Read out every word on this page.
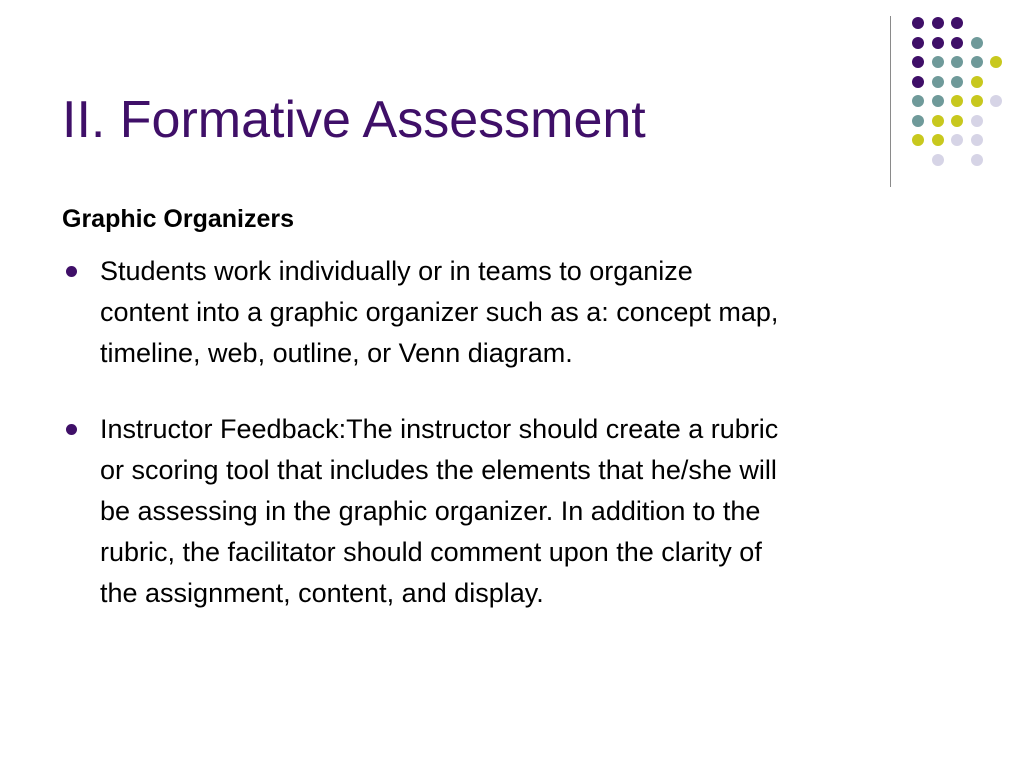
II. Formative Assessment
Graphic Organizers
Students work individually or in teams to organize
content into a graphic organizer such as a: concept map,
timeline, web, outline, or Venn diagram.
Instructor Feedback:The instructor should create a rubric
or scoring tool that includes the elements that he/she will
be assessing in the graphic organizer. In addition to the
rubric, the facilitator should comment upon the clarity of
the assignment, content, and display.
